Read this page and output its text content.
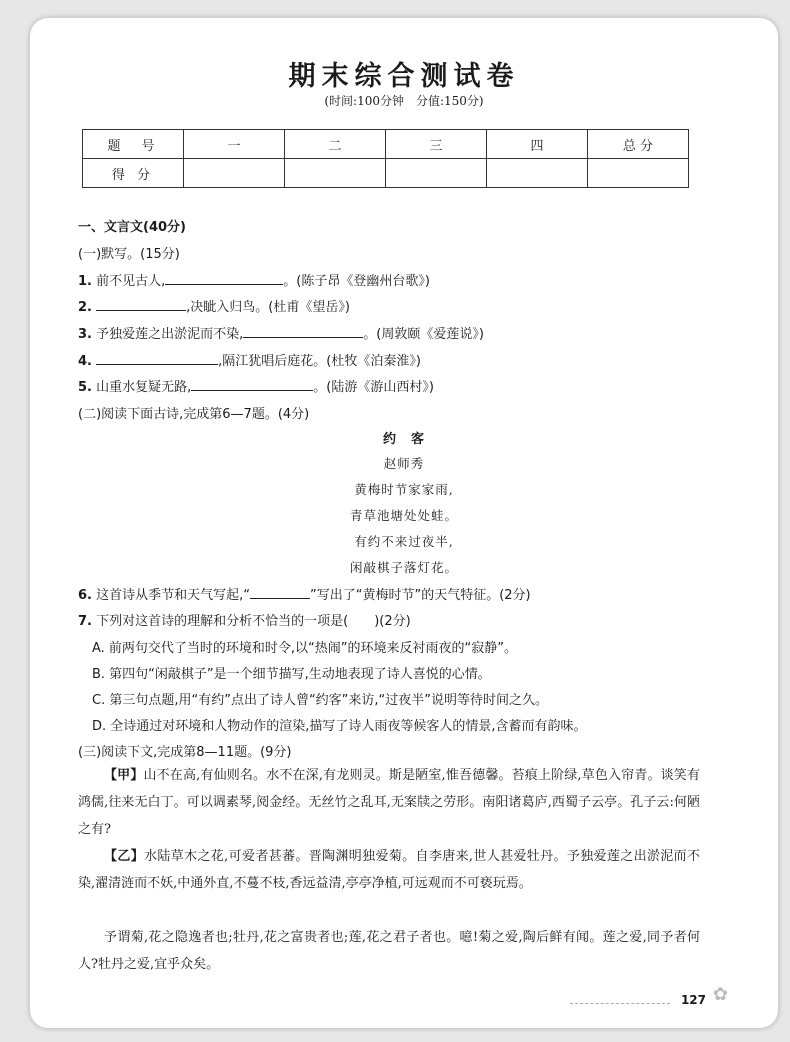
期末综合测试卷
(时间:100分钟　分值:150分)
题　号	一	二	三	四	总 分
得 分					
一、文言文(40分)
(一)默写。(15分)
1. 前不见古人,	。(陈子昂《登幽州台歌》)
2.	,决眦入归鸟。(杜甫《望岳》)
3. 予独爱莲之出淤泥而不染,	。(周敦颐《爱莲说》)
4.	,隔江犹唱后庭花。(杜牧《泊秦淮》)
5. 山重水复疑无路,	。(陆游《游山西村》)
(二)阅读下面古诗,完成第6—7题。(4分)
约　客
赵师秀
黄梅时节家家雨,
青草池塘处处蛙。
有约不来过夜半,
闲敲棋子落灯花。
6. 这首诗从季节和天气写起,“	”写出了“黄梅时节”的天气特征。(2分)
7. 下列对这首诗的理解和分析不恰当的一项是(　　)(2分)
A. 前两句交代了当时的环境和时令,以“热闹”的环境来反衬雨夜的“寂静”。
B. 第四句“闲敲棋子”是一个细节描写,生动地表现了诗人喜悦的心情。
C. 第三句点题,用“有约”点出了诗人曾“约客”来访,“过夜半”说明等待时间之久。
D. 全诗通过对环境和人物动作的渲染,描写了诗人雨夜等候客人的情景,含蓄而有韵味。
(三)阅读下文,完成第8—11题。(9分)
【甲】山不在高,有仙则名。水不在深,有龙则灵。斯是陋室,惟吾德馨。苔痕上阶绿,草色入帘青。谈笑有鸿儒,往来无白丁。可以调素琴,阅金经。无丝竹之乱耳,无案牍之劳形。南阳诸葛庐,西蜀子云亭。孔子云:何陋之有?
【乙】水陆草木之花,可爱者甚蕃。晋陶渊明独爱菊。自李唐来,世人甚爱牡丹。予独爱莲之出淤泥而不染,濯清涟而不妖,中通外直,不蔓不枝,香远益清,亭亭净植,可远观而不可亵玩焉。
予谓菊,花之隐逸者也;牡丹,花之富贵者也;莲,花之君子者也。噫!菊之爱,陶后鲜有闻。莲之爱,同予者何人?牡丹之爱,宜乎众矣。
127 ✿
